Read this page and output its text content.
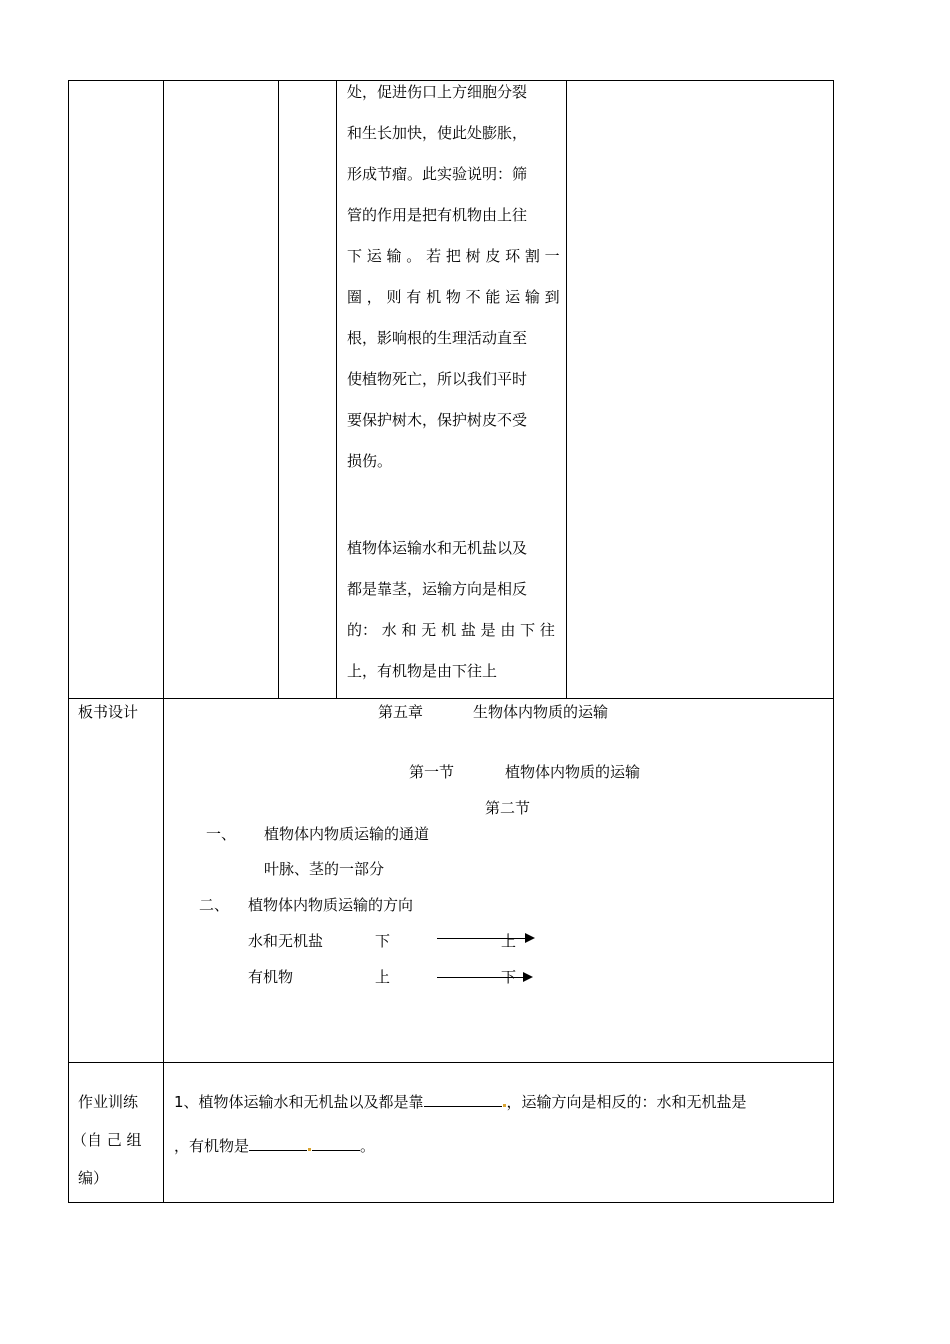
处，促进伤口上方细胞分裂
和生长加快，使此处膨胀，
形成节瘤。此实验说明：筛
管的作用是把有机物由上往
下 运 输 。 若 把 树 皮 环 割 一
圈 ， 则 有 机 物 不 能 运 输 到
根，影响根的生理活动直至
使植物死亡，所以我们平时
要保护树木，保护树皮不受
损伤。
植物体运输水和无机盐以及
都是靠茎，运输方向是相反
的： 水 和 无 机 盐 是 由 下 往
上，有机物是由下往上
板书设计	第五章	生物体内物质的运输
第一节	植物体内物质的运输
第二节
一、 植物体内物质运输的通道
叶脉、茎的一部分
二、 植物体内物质运输的方向
水和无机盐	下	上
有机物	上	下
作业训练
（自 己 组
编）
1、植物体运输水和无机盐以及都是靠	，运输方向是相反的：水和无机盐是
，有机物是	。
